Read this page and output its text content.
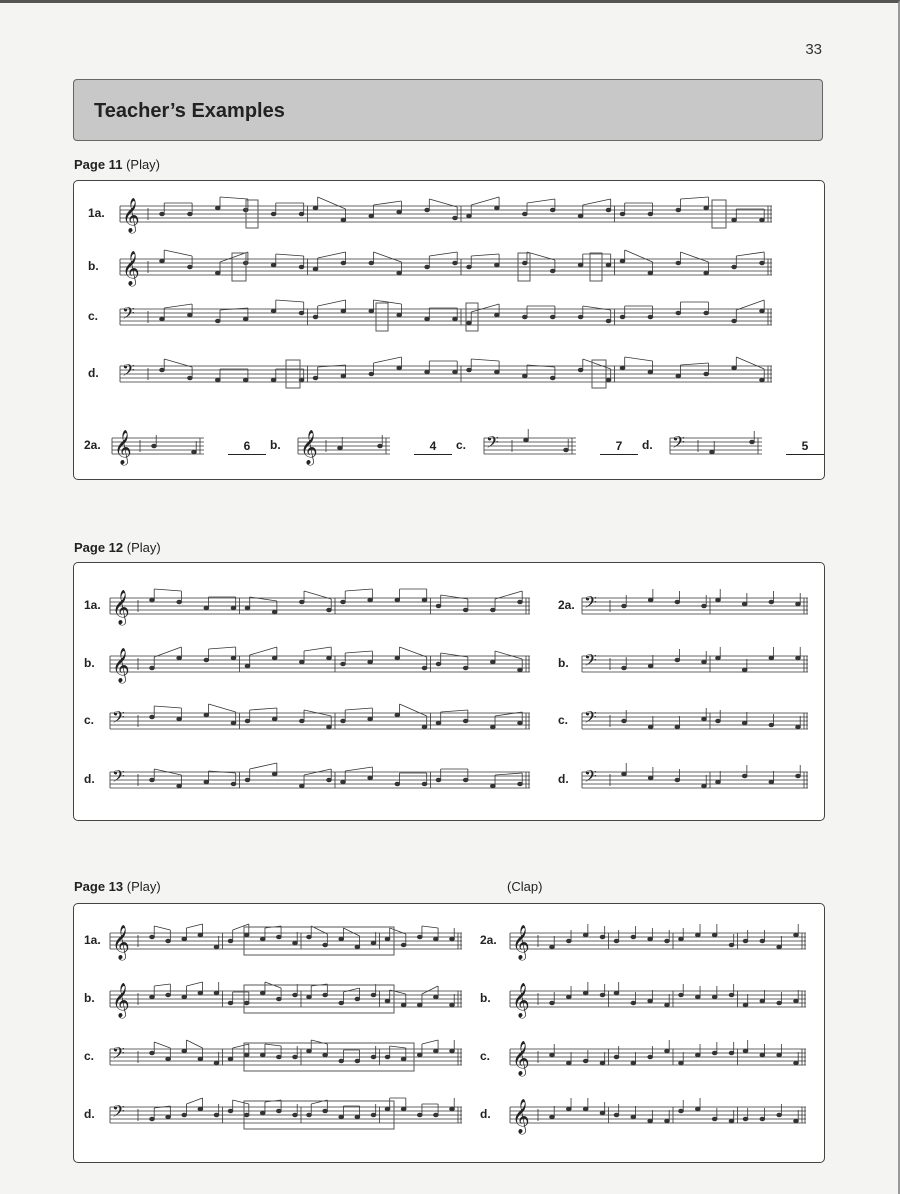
33
Teacher’s Examples
Page 11 (Play)
Page 12 (Play)
Page 13 (Play)	(Clap)
1a. 𝄞
b. 𝄞
c. 𝄢
d. 𝄢
2a. 𝄞	6	b. 𝄞	4	c. 𝄢	7	d. 𝄢	5
1a. 𝄞	2a. 𝄢
b. 𝄞	b. 𝄢
c. 𝄢	c. 𝄢
d. 𝄢	d. 𝄢
1a. 𝄞	2a. 𝄞
b. 𝄞	b. 𝄞
c. 𝄢	c. 𝄞
d. 𝄢	d. 𝄞
